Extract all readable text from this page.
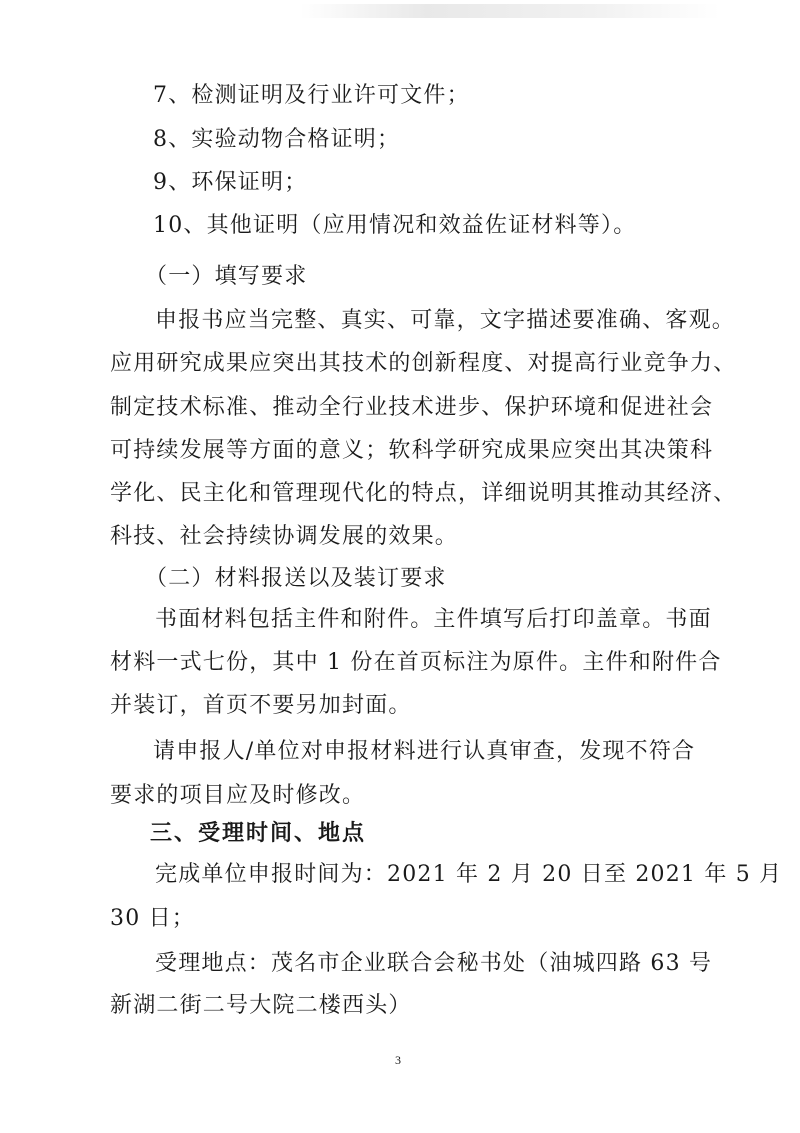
7、检测证明及行业许可文件；
8、实验动物合格证明；
9、环保证明；
10、其他证明（应用情况和效益佐证材料等）。
（一）填写要求
申报书应当完整、真实、可靠，文字描述要准确、客观。
应用研究成果应突出其技术的创新程度、对提高行业竞争力、
制定技术标准、推动全行业技术进步、保护环境和促进社会
可持续发展等方面的意义；软科学研究成果应突出其决策科
学化、民主化和管理现代化的特点，详细说明其推动其经济、
科技、社会持续协调发展的效果。
（二）材料报送以及装订要求
书面材料包括主件和附件。主件填写后打印盖章。书面
材料一式七份，其中 1 份在首页标注为原件。主件和附件合
并装订，首页不要另加封面。
请申报人/单位对申报材料进行认真审查，发现不符合
要求的项目应及时修改。
三、受理时间、地点
完成单位申报时间为：2021 年 2 月 20 日至 2021 年 5 月
30 日；
受理地点：茂名市企业联合会秘书处（油城四路 63 号
新湖二街二号大院二楼西头）
3
